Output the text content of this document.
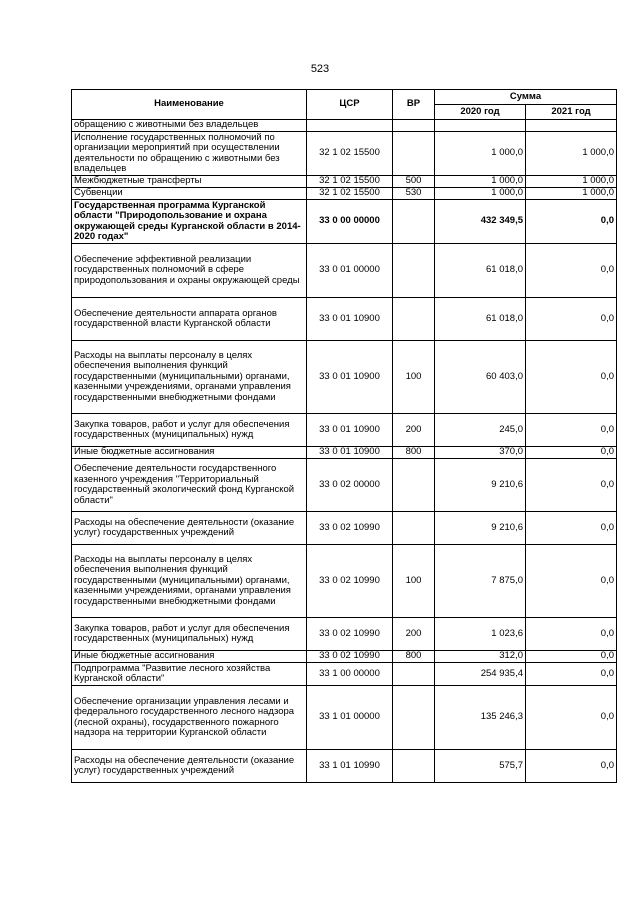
523
Наименование	ЦСР	ВР	Сумма	
			2020 год	2021 год
обращению с животными без владельцев				
Исполнение государственных полномочий по организации мероприятий при осуществлении деятельности по обращению с животными без владельцев	32 1 02 15500		1 000,0	1 000,0
Межбюджетные трансферты	32 1 02 15500	500	1 000,0	1 000,0
Субвенции	32 1 02 15500	530	1 000,0	1 000,0
Государственная программа Курганской области "Природопользование и охрана окружающей среды Курганской области в 2014-2020 годах"	33 0 00 00000		432 349,5	0,0
Обеспечение эффективной реализации государственных полномочий в сфере природопользования и охраны окружающей среды	33 0 01 00000		61 018,0	0,0
Обеспечение деятельности аппарата органов государственной власти Курганской области	33 0 01 10900		61 018,0	0,0
Расходы на выплаты персоналу в целях обеспечения выполнения функций государственными (муниципальными) органами, казенными учреждениями, органами управления государственными внебюджетными фондами	33 0 01 10900	100	60 403,0	0,0
Закупка товаров, работ и услуг для обеспечения государственных (муниципальных) нужд	33 0 01 10900	200	245,0	0,0
Иные бюджетные ассигнования	33 0 01 10900	800	370,0	0,0
Обеспечение деятельности государственного казенного учреждения "Территориальный государственный экологический фонд Курганской области"	33 0 02 00000		9 210,6	0,0
Расходы на обеспечение деятельности (оказание услуг) государственных учреждений	33 0 02 10990		9 210,6	0,0
Расходы на выплаты персоналу в целях обеспечения выполнения функций государственными (муниципальными) органами, казенными учреждениями, органами управления государственными внебюджетными фондами	33 0 02 10990	100	7 875,0	0,0
Закупка товаров, работ и услуг для обеспечения государственных (муниципальных) нужд	33 0 02 10990	200	1 023,6	0,0
Иные бюджетные ассигнования	33 0 02 10990	800	312,0	0,0
Подпрограмма "Развитие лесного хозяйства Курганской области"	33 1 00 00000		254 935,4	0,0
Обеспечение организации управления лесами и федерального государственного лесного надзора (лесной охраны), государственного пожарного надзора на территории Курганской области	33 1 01 00000		135 246,3	0,0
Расходы на обеспечение деятельности (оказание услуг) государственных учреждений	33 1 01 10990		575,7	0,0
